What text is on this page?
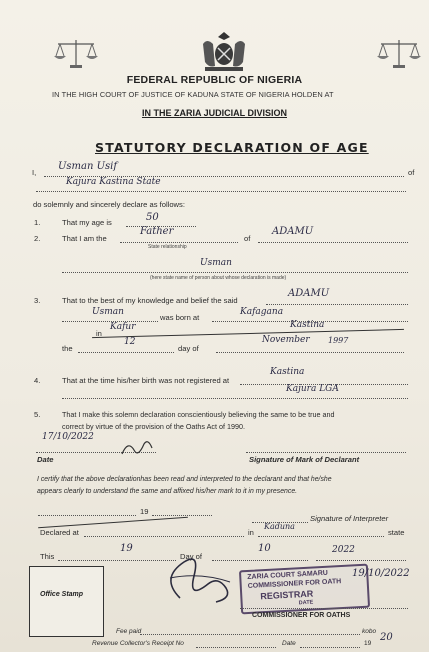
FEDERAL REPUBLIC OF NIGERIA
IN THE HIGH COURT OF JUSTICE OF KADUNA STATE OF NIGERIA HOLDEN AT
IN THE ZARIA JUDICIAL DIVISION
STATUTORY DECLARATION OF AGE
I,
Usman Usif
of
Kajura Kastina State
do solemnly and sincerely declare as follows:
1.	That my age is	50
2.	That I am the
Father
State relationship
of
ADAMU
Usman
(here state name of person about whose declaration is made)
3.	That to the best of my knowledge and belief the said
ADAMU
Usman
was born at
Kafagana
in
Kafur	Kastina
the
12
day of
November 1997
4.	That at the time his/her birth was not registered at
Kastina
Kajura LGA
5.	That I make this solemn declaration conscientiously believing the same to be true and
correct by virtue of the provision of the Oaths Act of 1990.
17/10/2022
Date	Signature of Mark of Declarant
I certify that the above declarationhas been read and interpreted to the declarant and that he/she
appears clearly to understand the same and affixed his/her mark to it in my presence.
19
Signature of Interpreter
Declared at	in
Kaduna
state
This
19
Day of
10	2022
Office Stamp
ZARIA COURT SAMARU
COMMISSIONER FOR OATH
REGISTRAR
DATE
19/10/2022
COMMISSIONER FOR OATHS
Fee paid	kobo
Revenue Collector's Receipt No	Date	19
20
